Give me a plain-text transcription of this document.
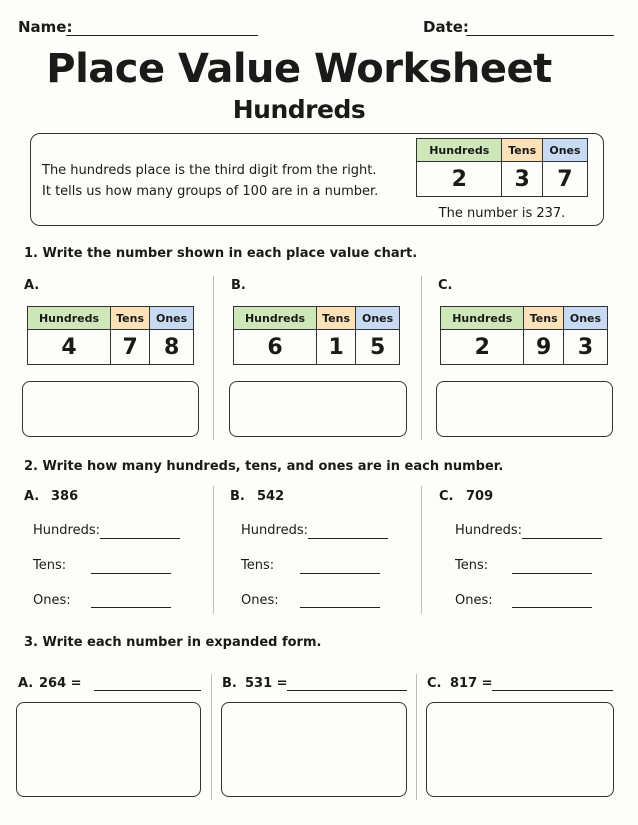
Name:	Date:
Place Value Worksheet
Hundreds
The hundreds place is the third digit from the right.
It tells us how many groups of 100 are in a number.
Hundreds	Tens	Ones
2	3	7
The number is 237.
1. Write the number shown in each place value chart.
A.
Hundreds	Tens	Ones
4	7	8
B.
Hundreds	Tens	Ones
6	1	5
C.
Hundreds	Tens	Ones
2	9	3
2. Write how many hundreds, tens, and ones are in each number.
A. 386
Hundreds:
Tens:
Ones:
B. 542
Hundreds:
Tens:
Ones:
C. 709
Hundreds:
Tens:
Ones:
3. Write each number in expanded form.
A. 264 =	B. 531 =	C. 817 =
